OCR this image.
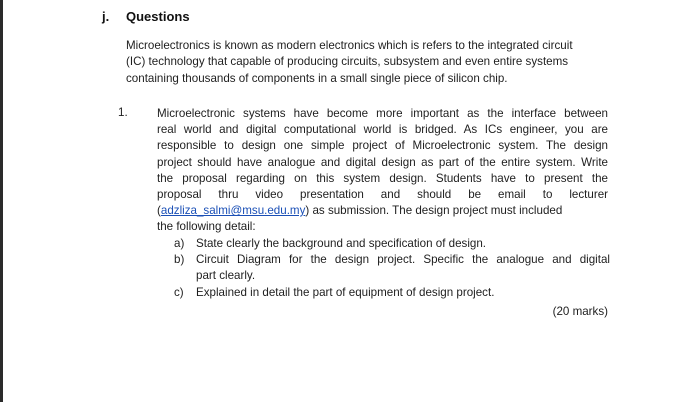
j. Questions

Microelectronics is known as modern electronics which is refers to the integrated circuit

(IC) technology that capable of producing circuits, subsystem and even entire systems

containing thousands of components in a small single piece of silicon chip.

1.	Microelectronic systems have become more important as the interface between
real world and digital computational world is bridged. As ICs engineer, you are
responsible to design one simple project of Microelectronic system. The design
project should have analogue and digital design as part of the entire system. Write
the proposal regarding on this system design. Students have to present the
proposal thru video presentation and should be email to lecturer
(adzliza_salmi@msu.edu.my) as submission. The design project must included
the following detail:
a)	State clearly the background and specification of design.
b)	Circuit Diagram for the design project. Specific the analogue and digital
part clearly.
c)	Explained in detail the part of equipment of design project.
(20 marks)
